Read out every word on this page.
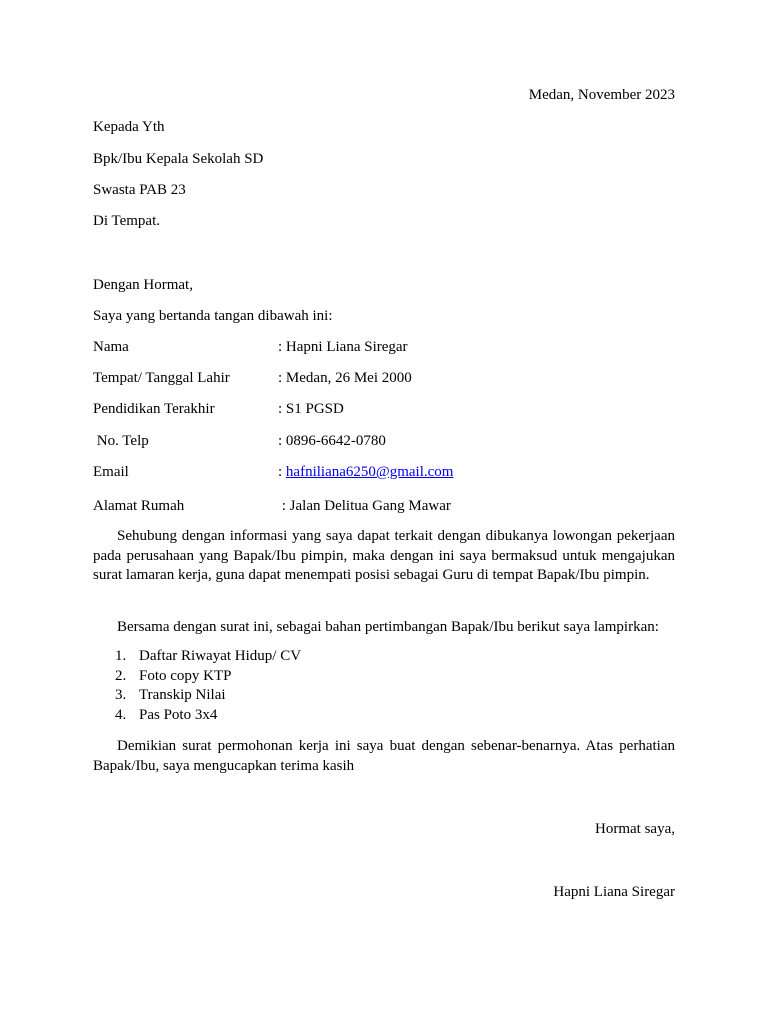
Medan, November 2023

Kepada Yth

Bpk/Ibu Kepala Sekolah SD

Swasta PAB 23

Di Tempat.

Dengan Hormat,

Saya yang bertanda tangan dibawah ini:

Nama	: Hapni Liana Siregar
Tempat/ Tanggal Lahir	: Medan, 26 Mei 2000
Pendidikan Terakhir	: S1 PGSD
No. Telp	: 0896-6642-0780
Email	: hafniliana6250@gmail.com
Alamat Rumah	: Jalan Delitua Gang Mawar

Sehubung dengan informasi yang saya dapat terkait dengan dibukanya lowongan pekerjaan pada perusahaan yang Bapak/Ibu pimpin, maka dengan ini saya bermaksud untuk mengajukan surat lamaran kerja, guna dapat menempati posisi sebagai Guru di tempat Bapak/Ibu pimpin.

Bersama dengan surat ini, sebagai bahan pertimbangan Bapak/Ibu berikut saya lampirkan:

1. Daftar Riwayat Hidup/ CV
2. Foto copy KTP
3. Transkip Nilai
4. Pas Poto 3x4

Demikian surat permohonan kerja ini saya buat dengan sebenar-benarnya. Atas perhatian Bapak/Ibu, saya mengucapkan terima kasih

Hormat saya,

Hapni Liana Siregar
